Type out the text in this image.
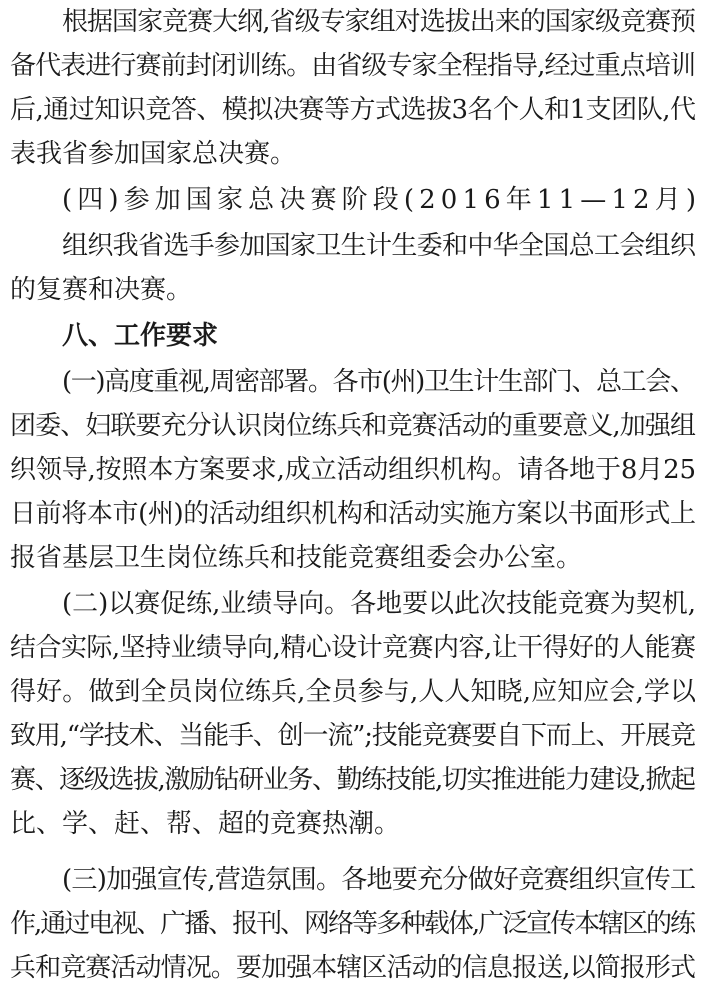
根据国家竞赛大纲,省级专家组对选拔出来的国家级竞赛预
备代表进行赛前封闭训练。由省级专家全程指导,经过重点培训
后,通过知识竞答、模拟决赛等方式选拔3名个人和1支团队,代
表我省参加国家总决赛。
(四)参加国家总决赛阶段(2016年11—12月)
组织我省选手参加国家卫生计生委和中华全国总工会组织
的复赛和决赛。
八、工作要求
(一)高度重视,周密部署。各市(州)卫生计生部门、总工会、
团委、妇联要充分认识岗位练兵和竞赛活动的重要意义,加强组
织领导,按照本方案要求,成立活动组织机构。请各地于8月25
日前将本市(州)的活动组织机构和活动实施方案以书面形式上
报省基层卫生岗位练兵和技能竞赛组委会办公室。
(二)以赛促练,业绩导向。各地要以此次技能竞赛为契机,
结合实际,坚持业绩导向,精心设计竞赛内容,让干得好的人能赛
得好。做到全员岗位练兵,全员参与,人人知晓,应知应会,学以
致用,“学技术、当能手、创一流”;技能竞赛要自下而上、开展竞
赛、逐级选拔,激励钻研业务、勤练技能,切实推进能力建设,掀起
比、学、赶、帮、超的竞赛热潮。
(三)加强宣传,营造氛围。各地要充分做好竞赛组织宣传工
作,通过电视、广播、报刊、网络等多种载体,广泛宣传本辖区的练
兵和竞赛活动情况。要加强本辖区活动的信息报送,以简报形式
